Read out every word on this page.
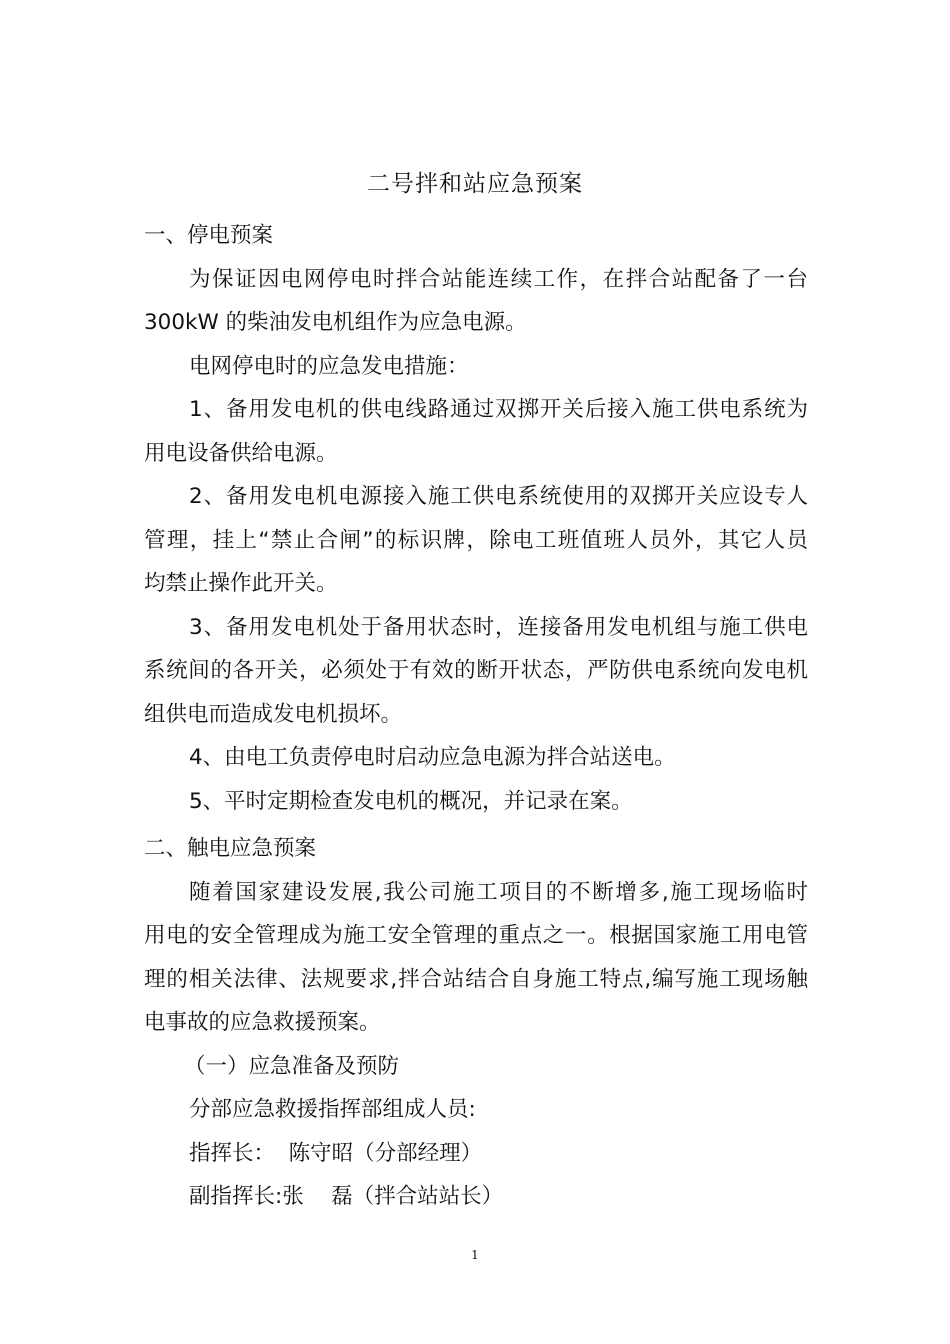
二号拌和站应急预案
一、停电预案
为保证因电网停电时拌合站能连续工作，在拌合站配备了一台
300kW 的柴油发电机组作为应急电源。
电网停电时的应急发电措施：
1、备用发电机的供电线路通过双掷开关后接入施工供电系统为
用电设备供给电源。
2、备用发电机电源接入施工供电系统使用的双掷开关应设专人
管理，挂上“禁止合闸”的标识牌，除电工班值班人员外，其它人员
均禁止操作此开关。
3、备用发电机处于备用状态时，连接备用发电机组与施工供电
系统间的各开关，必须处于有效的断开状态，严防供电系统向发电机
组供电而造成发电机损坏。
4、由电工负责停电时启动应急电源为拌合站送电。
5、平时定期检查发电机的概况，并记录在案。
二、触电应急预案
随着国家建设发展,我公司施工项目的不断增多,施工现场临时
用电的安全管理成为施工安全管理的重点之一。根据国家施工用电管
理的相关法律、法规要求,拌合站结合自身施工特点,编写施工现场触
电事故的应急救援预案。
（一）应急准备及预防
分部应急救援指挥部组成人员:
指挥长：  陈守昭（分部经理）
副指挥长:张    磊（拌合站站长）
1
